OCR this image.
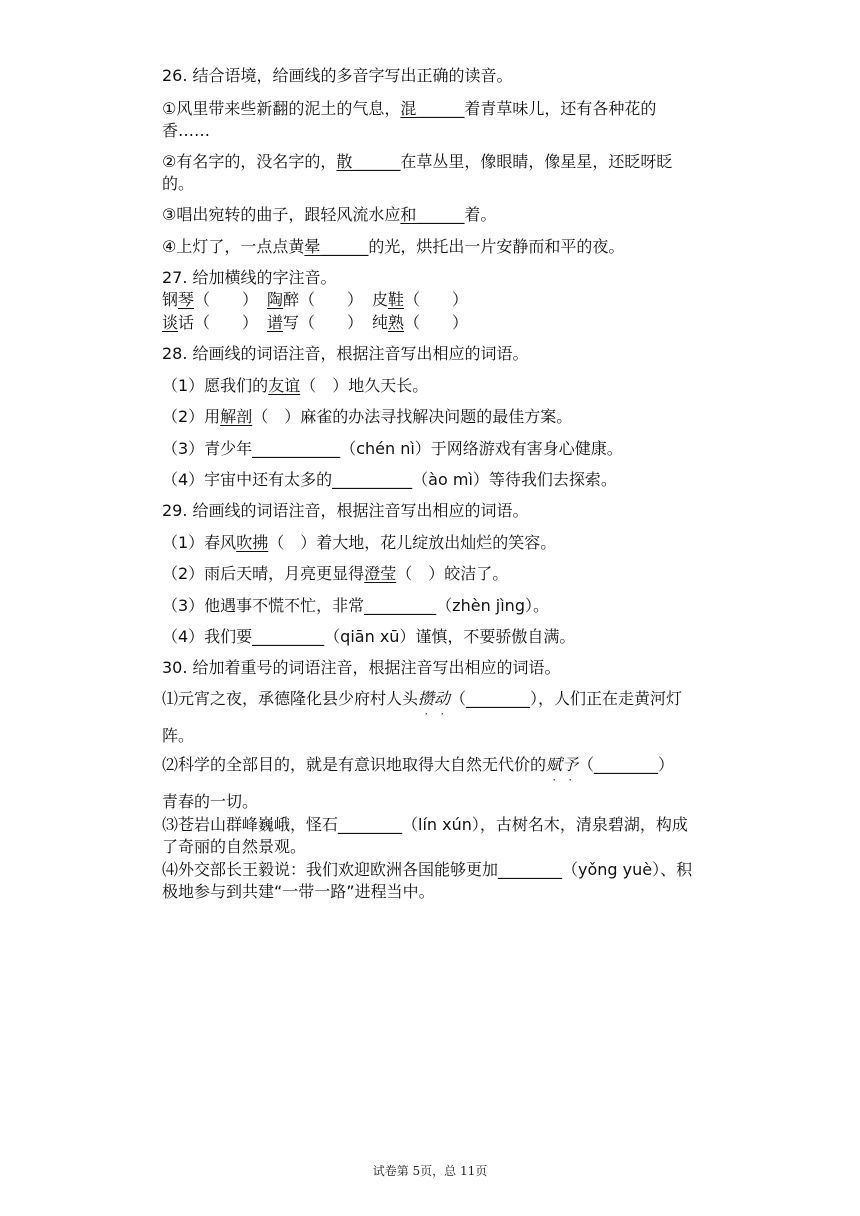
26. 结合语境，给画线的多音字写出正确的读音。
①风里带来些新翻的泥土的气息，混______着青草味儿，还有各种花的
香……
②有名字的，没名字的，散______在草丛里，像眼睛，像星星，还眨呀眨
的。
③唱出宛转的曲子，跟轻风流水应和______着。
④上灯了，一点点黄晕______的光，烘托出一片安静而和平的夜。
27. 给加横线的字注音。
钢琴（　　） 陶醉（　　） 皮鞋（　　）
谈话（　　） 谱写（　　） 纯熟（　　）
28. 给画线的词语注音，根据注音写出相应的词语。
（1）愿我们的友谊（　）地久天长。
（2）用解剖（　）麻雀的办法寻找解决问题的最佳方案。
（3）青少年___________（chén nì）于网络游戏有害身心健康。
（4）宇宙中还有太多的__________（ào mì）等待我们去探索。
29. 给画线的词语注音，根据注音写出相应的词语。
（1）春风吹拂（　）着大地，花儿绽放出灿烂的笑容。
（2）雨后天晴，月亮更显得澄莹（　）皎洁了。
（3）他遇事不慌不忙，非常_________（zhèn jìng）。
（4）我们要_________（qiān xū）谨慎，不要骄傲自满。
30. 给加着重号的词语注音，根据注音写出相应的词语。
⑴元宵之夜，承德隆化县少府村人头攒动（________），人们正在走黄河灯
阵。
⑵科学的全部目的，就是有意识地取得大自然无代价的赋予（________）
青春的一切。
⑶苍岩山群峰巍峨，怪石________（lín xún），古树名木，清泉碧湖，构成
了奇丽的自然景观。
⑷外交部长王毅说：我们欢迎欧洲各国能够更加________（yǒng yuè）、积
极地参与到共建“一带一路”进程当中。
试卷第 5页，总 11页
